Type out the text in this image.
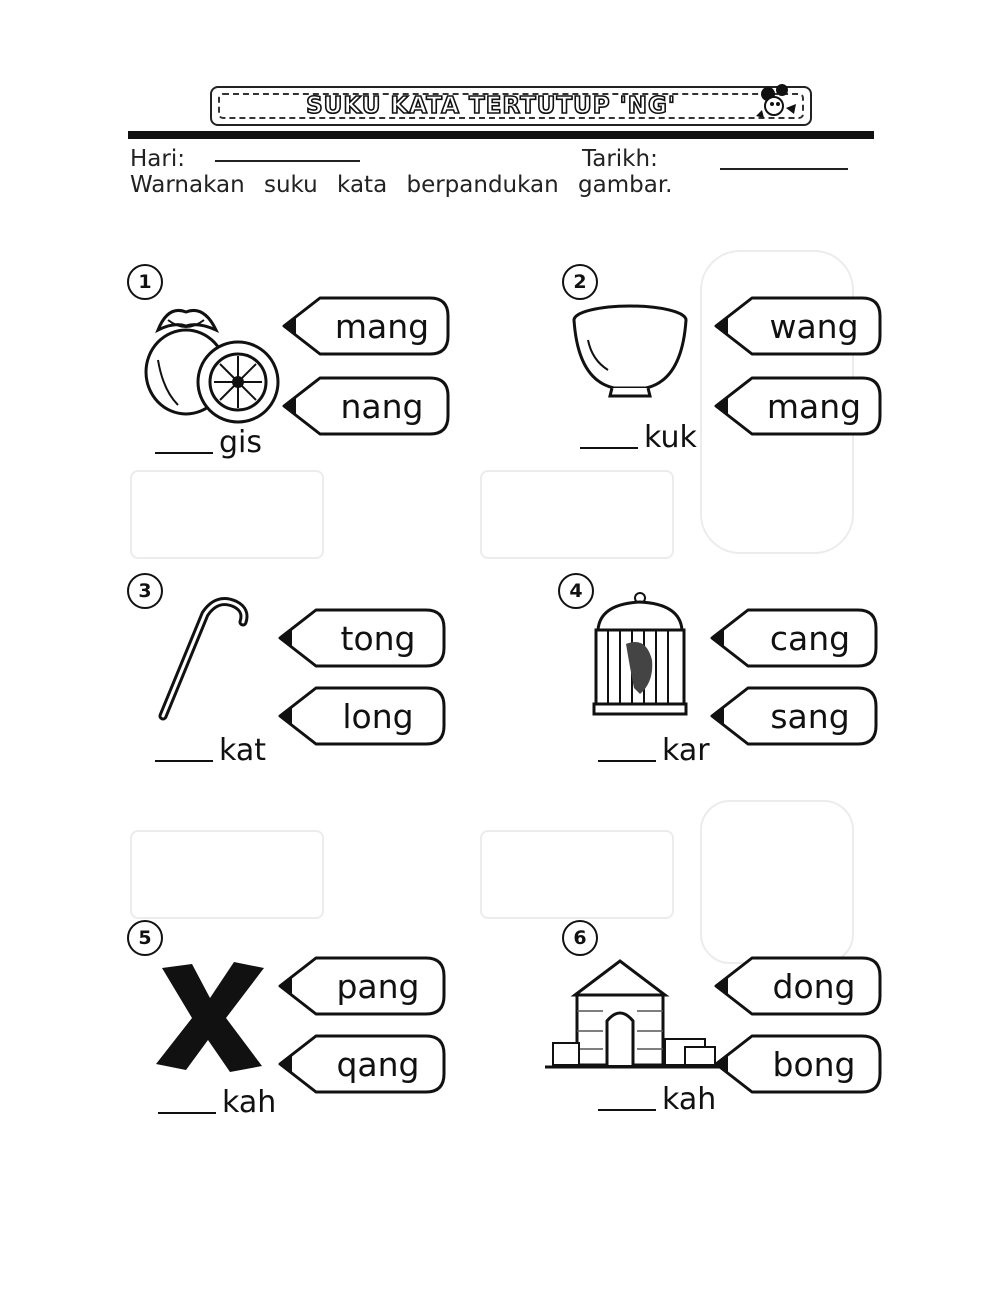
SUKU KATA TERTUTUP 'NG'
Hari:	Tarikh:
Warnakan suku kata berpandukan gambar.
1
mang
nang
gis
2
wang
mang
kuk
3
tong
long
kat
4
cang
sang
kar
5
pang
qang
kah
6
dong
bong
kah
